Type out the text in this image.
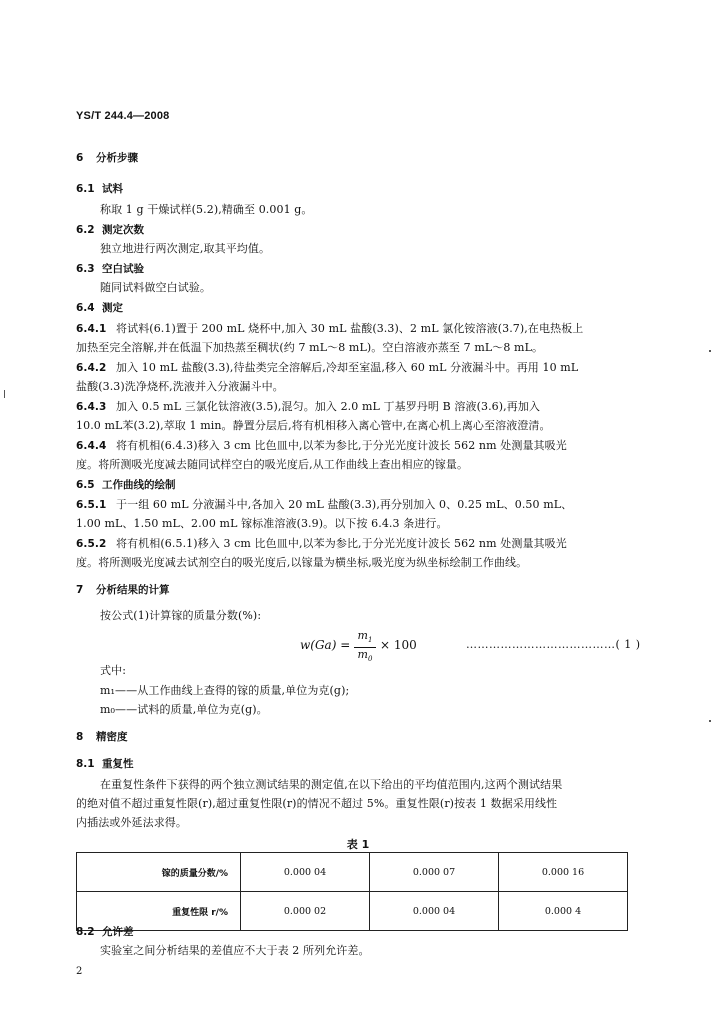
YS/T 244.4—2008
6 分析步骤
6.1 试料
称取 1 g 干燥试样(5.2),精确至 0.001 g。
6.2 测定次数
独立地进行两次测定,取其平均值。
6.3 空白试验
随同试料做空白试验。
6.4 测定
6.4.1 将试料(6.1)置于 200 mL 烧杯中,加入 30 mL 盐酸(3.3)、2 mL 氯化铵溶液(3.7),在电热板上
加热至完全溶解,并在低温下加热蒸至稠状(约 7 mL～8 mL)。空白溶液亦蒸至 7 mL～8 mL。
6.4.2 加入 10 mL 盐酸(3.3),待盐类完全溶解后,冷却至室温,移入 60 mL 分液漏斗中。再用 10 mL
盐酸(3.3)洗净烧杯,洗液并入分液漏斗中。
6.4.3 加入 0.5 mL 三氯化钛溶液(3.5),混匀。加入 2.0 mL 丁基罗丹明 B 溶液(3.6),再加入
10.0 mL苯(3.2),萃取 1 min。静置分层后,将有机相移入离心管中,在离心机上离心至溶液澄清。
6.4.4 将有机相(6.4.3)移入 3 cm 比色皿中,以苯为参比,于分光光度计波长 562 nm 处测量其吸光
度。将所测吸光度减去随同试样空白的吸光度后,从工作曲线上查出相应的镓量。
6.5 工作曲线的绘制
6.5.1 于一组 60 mL 分液漏斗中,各加入 20 mL 盐酸(3.3),再分别加入 0、0.25 mL、0.50 mL、
1.00 mL、1.50 mL、2.00 mL 镓标准溶液(3.9)。以下按 6.4.3 条进行。
6.5.2 将有机相(6.5.1)移入 3 cm 比色皿中,以苯为参比,于分光光度计波长 562 nm 处测量其吸光
度。将所测吸光度减去试剂空白的吸光度后,以镓量为横坐标,吸光度为纵坐标绘制工作曲线。
7 分析结果的计算
按公式(1)计算镓的质量分数(%):
w(Ga) =
$m_1$
$m_0$
× 100	…………………………………( 1 )
式中:
m₁——从工作曲线上查得的镓的质量,单位为克(g);
m₀——试料的质量,单位为克(g)。
8 精密度
8.1 重复性
在重复性条件下获得的两个独立测试结果的测定值,在以下给出的平均值范围内,这两个测试结果
的绝对值不超过重复性限(r),超过重复性限(r)的情况不超过 5%。重复性限(r)按表 1 数据采用线性
内插法或外延法求得。
表 1
镓的质量分数/%	0.000 04	0.000 07	0.000 16
重复性限 r/%	0.000 02	0.000 04	0.000 4
8.2 允许差
实验室之间分析结果的差值应不大于表 2 所列允许差。
2
